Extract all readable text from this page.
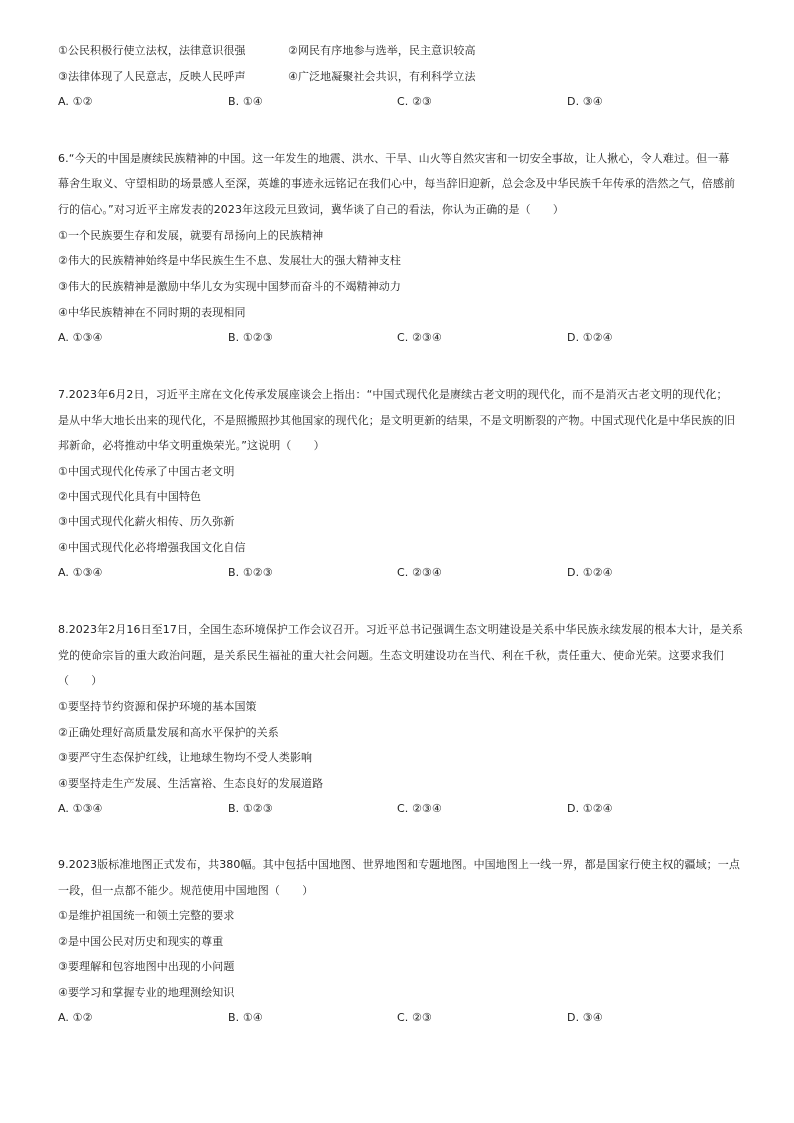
①公民积极行使立法权，法律意识很强	②网民有序地参与选举，民主意识较高
③法律体现了人民意志，反映人民呼声	④广泛地凝聚社会共识，有利科学立法
A. ①②	B. ①④	C. ②③	D. ③④
6.“今天的中国是赓续民族精神的中国。这一年发生的地震、洪水、干旱、山火等自然灾害和一切安全事故，让人揪心，令人难过。但一幕
幕舍生取义、守望相助的场景感人至深，英雄的事迹永远铭记在我们心中，每当辞旧迎新，总会念及中华民族千年传承的浩然之气，倍感前
行的信心。”对习近平主席发表的2023年这段元旦致词，冀华谈了自己的看法，你认为正确的是（　　）
①一个民族要生存和发展，就要有昂扬向上的民族精神
②伟大的民族精神始终是中华民族生生不息、发展壮大的强大精神支柱
③伟大的民族精神是激励中华儿女为实现中国梦而奋斗的不竭精神动力
④中华民族精神在不同时期的表现相同
A. ①③④	B. ①②③	C. ②③④	D. ①②④
7.2023年6月2日，习近平主席在文化传承发展座谈会上指出：“中国式现代化是赓续古老文明的现代化，而不是消灭古老文明的现代化；
是从中华大地长出来的现代化，不是照搬照抄其他国家的现代化；是文明更新的结果，不是文明断裂的产物。中国式现代化是中华民族的旧
邦新命，必将推动中华文明重焕荣光。”这说明（　　）
①中国式现代化传承了中国古老文明
②中国式现代化具有中国特色
③中国式现代化薪火相传、历久弥新
④中国式现代化必将增强我国文化自信
A. ①③④	B. ①②③	C. ②③④	D. ①②④
8.2023年2月16日至17日，全国生态环境保护工作会议召开。习近平总书记强调生态文明建设是关系中华民族永续发展的根本大计，是关系
党的使命宗旨的重大政治问题，是关系民生福祉的重大社会问题。生态文明建设功在当代、利在千秋，责任重大、使命光荣。这要求我们
（　　）
①要坚持节约资源和保护环境的基本国策
②正确处理好高质量发展和高水平保护的关系
③要严守生态保护红线，让地球生物均不受人类影响
④要坚持走生产发展、生活富裕、生态良好的发展道路
A. ①③④	B. ①②③	C. ②③④	D. ①②④
9.2023版标准地图正式发布，共380幅。其中包括中国地图、世界地图和专题地图。中国地图上一线一界，都是国家行使主权的疆域；一点
一段，但一点都不能少。规范使用中国地图（　　）
①是维护祖国统一和领土完整的要求
②是中国公民对历史和现实的尊重
③要理解和包容地图中出现的小问题
④要学习和掌握专业的地理测绘知识
A. ①②	B. ①④	C. ②③	D. ③④
